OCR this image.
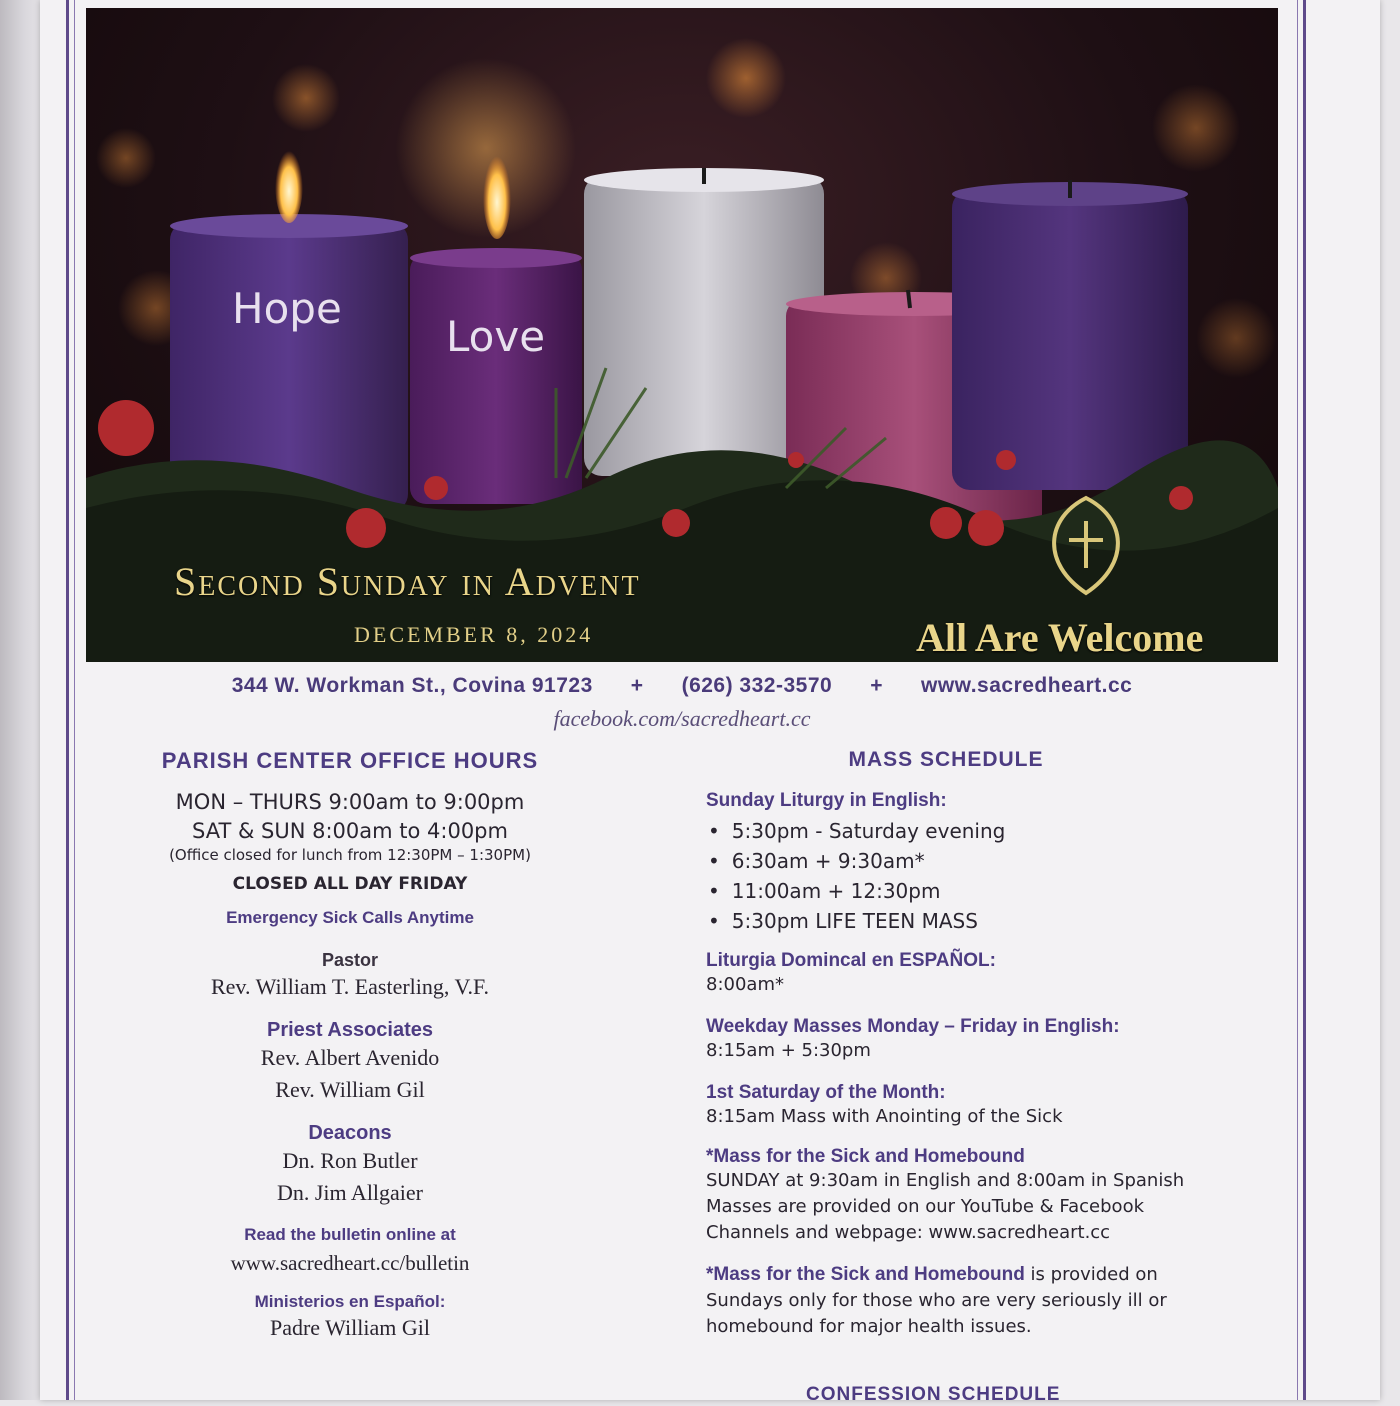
Hope
Love
Second Sunday in Advent
DECEMBER 8, 2024	All Are Welcome

344 W. Workman St., Covina 91723 + (626) 332-3570 + www.sacredheart.cc
facebook.com/sacredheart.cc
PARISH CENTER OFFICE HOURS
MON – THURS 9:00am to 9:00pm
SAT & SUN 8:00am to 4:00pm
(Office closed for lunch from 12:30PM – 1:30PM)
CLOSED ALL DAY FRIDAY
Emergency Sick Calls Anytime
Pastor
Rev. William T. Easterling, V.F.
Priest Associates
Rev. Albert Avenido
Rev. William Gil
Deacons
Dn. Ron Butler
Dn. Jim Allgaier
Read the bulletin online at
www.sacredheart.cc/bulletin
Ministerios en Español:
Padre William Gil
MASS SCHEDULE
Sunday Liturgy in English:
• 5:30pm - Saturday evening
• 6:30am + 9:30am*
• 11:00am + 12:30pm
• 5:30pm LIFE TEEN MASS
Liturgia Domincal en ESPAÑOL:
8:00am*
Weekday Masses Monday – Friday in English:
8:15am + 5:30pm
1st Saturday of the Month:
8:15am Mass with Anointing of the Sick
*Mass for the Sick and Homebound
SUNDAY at 9:30am in English and 8:00am in Spanish
Masses are provided on our YouTube & Facebook
Channels and webpage: www.sacredheart.cc
*Mass for the Sick and Homebound is provided on
Sundays only for those who are very seriously ill or
homebound for major health issues.
CONFESSION SCHEDULE
